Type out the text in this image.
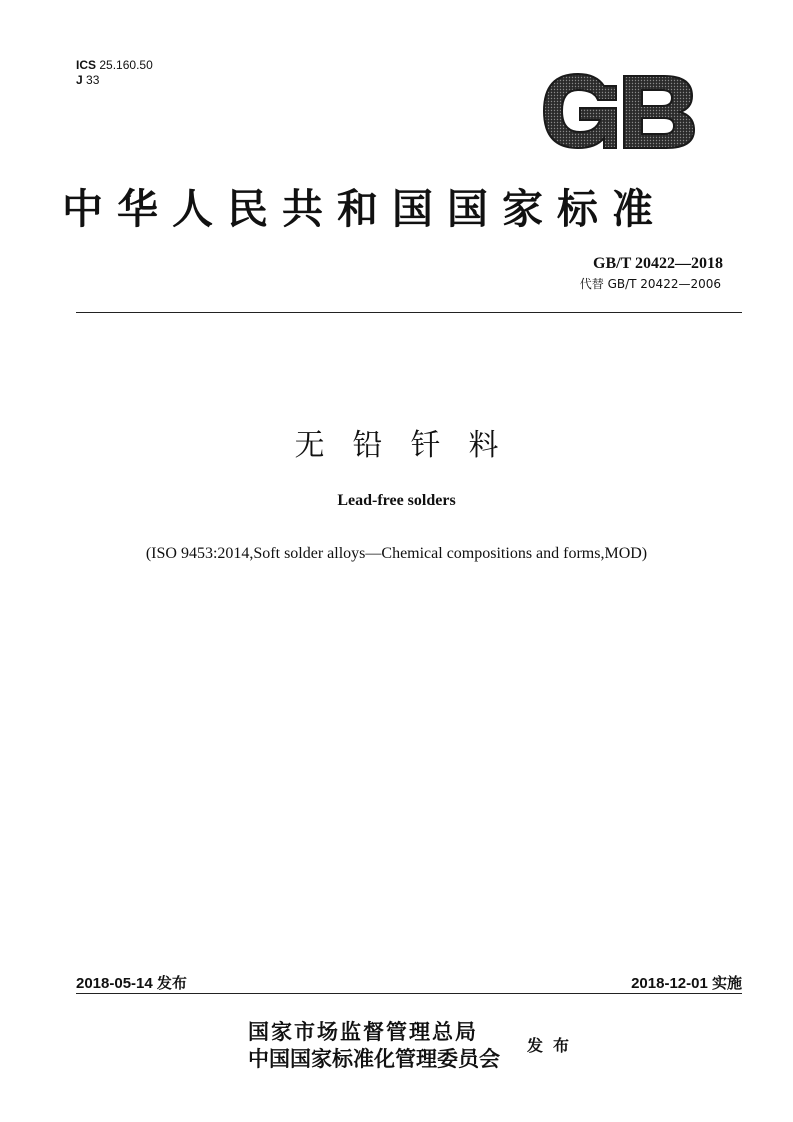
ICS 25.160.50
J 33
中华人民共和国国家标准
GB/T 20422—2018
代替 GB/T 20422—2006
无铅钎料
Lead-free solders
(ISO 9453:2014,Soft solder alloys—Chemical compositions and forms,MOD)
2018-05-14 发布	2018-12-01 实施
国家市场监督管理总局
中国国家标准化管理委员会
发布
